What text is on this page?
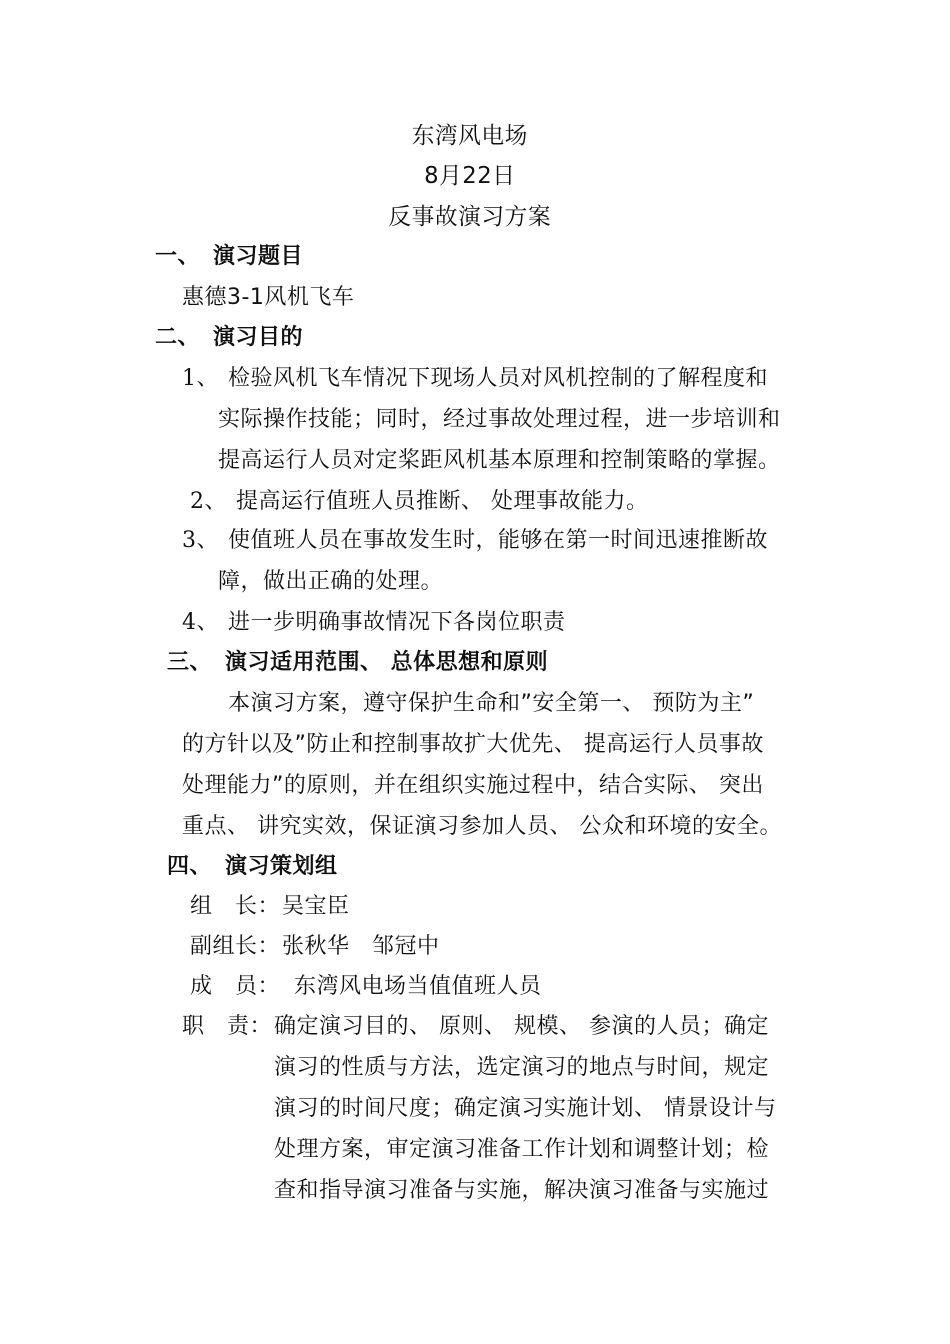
东湾风电场
8月22日
反事故演习方案
一、 演习题目
惠德3-1风机飞车
二、 演习目的
1、 检验风机飞车情况下现场人员对风机控制的了解程度和
实际操作技能；同时，经过事故处理过程，进一步培训和
提高运行人员对定桨距风机基本原理和控制策略的掌握。
2、 提高运行值班人员推断、 处理事故能力。
3、 使值班人员在事故发生时，能够在第一时间迅速推断故
障，做出正确的处理。
4、 进一步明确事故情况下各岗位职责
三、 演习适用范围、 总体思想和原则
本演习方案，遵守保护生命和”安全第一、 预防为主”
的方针以及”防止和控制事故扩大优先、 提高运行人员事故
处理能力”的原则，并在组织实施过程中，结合实际、 突出
重点、 讲究实效，保证演习参加人员、 公众和环境的安全。
四、 演习策划组
组　长： 吴宝臣
副组长： 张秋华　邹冠中
成　员： 东湾风电场当值值班人员
职　责： 确定演习目的、 原则、 规模、 参演的人员；确定
演习的性质与方法，选定演习的地点与时间，规定
演习的时间尺度；确定演习实施计划、 情景设计与
处理方案，审定演习准备工作计划和调整计划；检
查和指导演习准备与实施，解决演习准备与实施过
